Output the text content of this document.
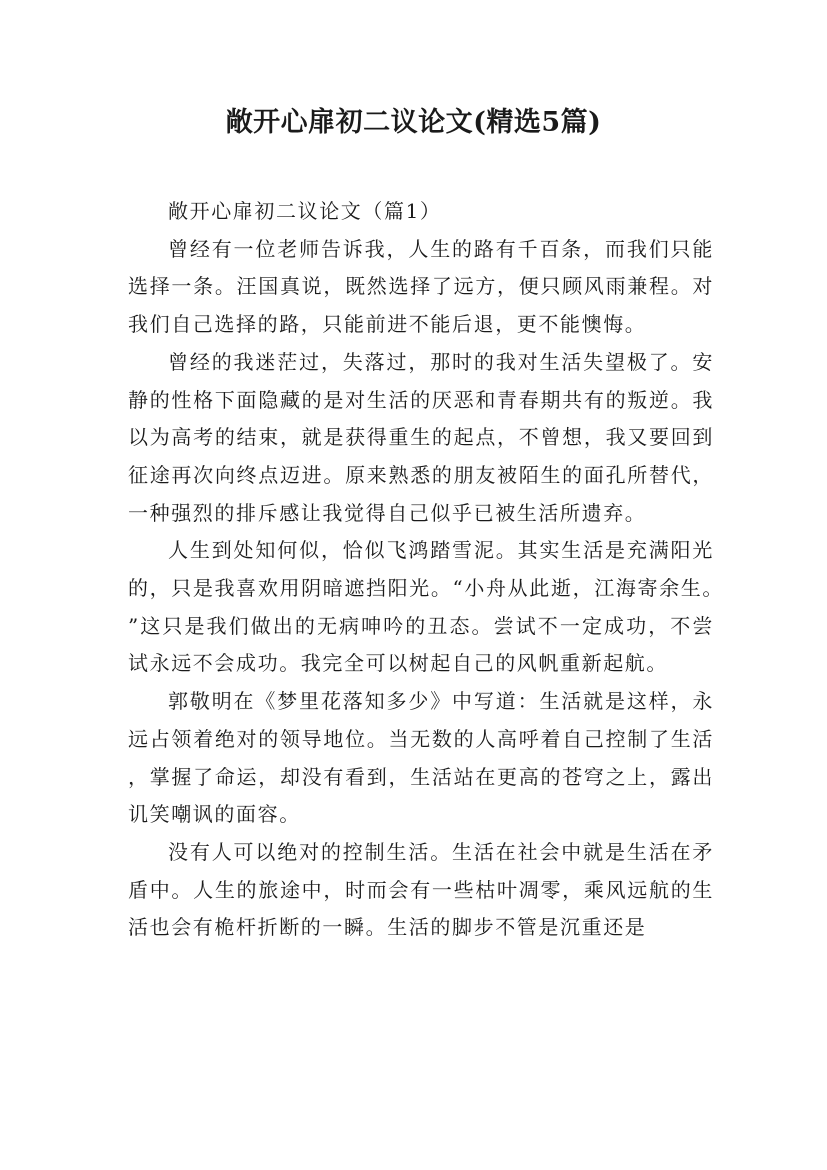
敞开心扉初二议论文(精选5篇)

敞开心扉初二议论文（篇1）

曾经有一位老师告诉我，人生的路有千百条，而我们只能选择一条。汪国真说，既然选择了远方，便只顾风雨兼程。对我们自己选择的路，只能前进不能后退，更不能懊悔。

曾经的我迷茫过，失落过，那时的我对生活失望极了。安静的性格下面隐藏的是对生活的厌恶和青春期共有的叛逆。我以为高考的结束，就是获得重生的起点，不曾想，我又要回到征途再次向终点迈进。原来熟悉的朋友被陌生的面孔所替代，一种强烈的排斥感让我觉得自己似乎已被生活所遗弃。

人生到处知何似，恰似飞鸿踏雪泥。其实生活是充满阳光的，只是我喜欢用阴暗遮挡阳光。“小舟从此逝，江海寄余生。”这只是我们做出的无病呻吟的丑态。尝试不一定成功，不尝试永远不会成功。我完全可以树起自己的风帆重新起航。

郭敬明在《梦里花落知多少》中写道：生活就是这样，永远占领着绝对的领导地位。当无数的人高呼着自己控制了生活，掌握了命运，却没有看到，生活站在更高的苍穹之上，露出讥笑嘲讽的面容。

没有人可以绝对的控制生活。生活在社会中就是生活在矛盾中。人生的旅途中，时而会有一些枯叶凋零，乘风远航的生活也会有桅杆折断的一瞬。生活的脚步不管是沉重还是
